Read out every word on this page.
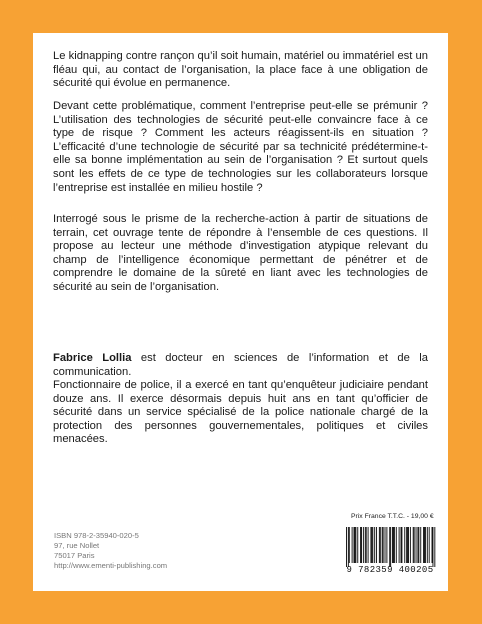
Le kidnapping contre rançon qu’il soit humain, matériel ou immatériel est un fléau qui, au contact de l’organisation, la place face à une obligation de sécurité qui évolue en permanence.

Devant cette problématique, comment l’entreprise peut-elle se prémunir ? L’utilisation des technologies de sécurité peut-elle convaincre face à ce type de risque ? Comment les acteurs réagissent-ils en situation ? L’efficacité d’une technologie de sécurité par sa technicité prédétermine-t-elle sa bonne implémentation au sein de l’organisation ? Et surtout quels sont les effets de ce type de technologies sur les collaborateurs lorsque l’entreprise est installée en milieu hostile ?

Interrogé sous le prisme de la recherche-action à partir de situations de terrain, cet ouvrage tente de répondre à l’ensemble de ces questions. Il propose au lecteur une méthode d’investigation atypique relevant du champ de l’intelligence économique permettant de pénétrer et de comprendre le domaine de la sûreté en liant avec les technologies de sécurité au sein de l’organisation.

Fabrice Lollia est docteur en sciences de l’information et de la communication.

Fonctionnaire de police, il a exercé en tant qu’enquêteur judiciaire pendant douze ans. Il exerce désormais depuis huit ans en tant qu’officier de sécurité dans un service spécialisé de la police nationale chargé de la protection des personnes gouvernementales, politiques et civiles menacées.

ISBN 978-2-35940-020-5
97, rue Nollet
75017 Paris
http://www.ementi-publishing.com
Prix France T.T.C. - 19,00 €
9 782359 400205
